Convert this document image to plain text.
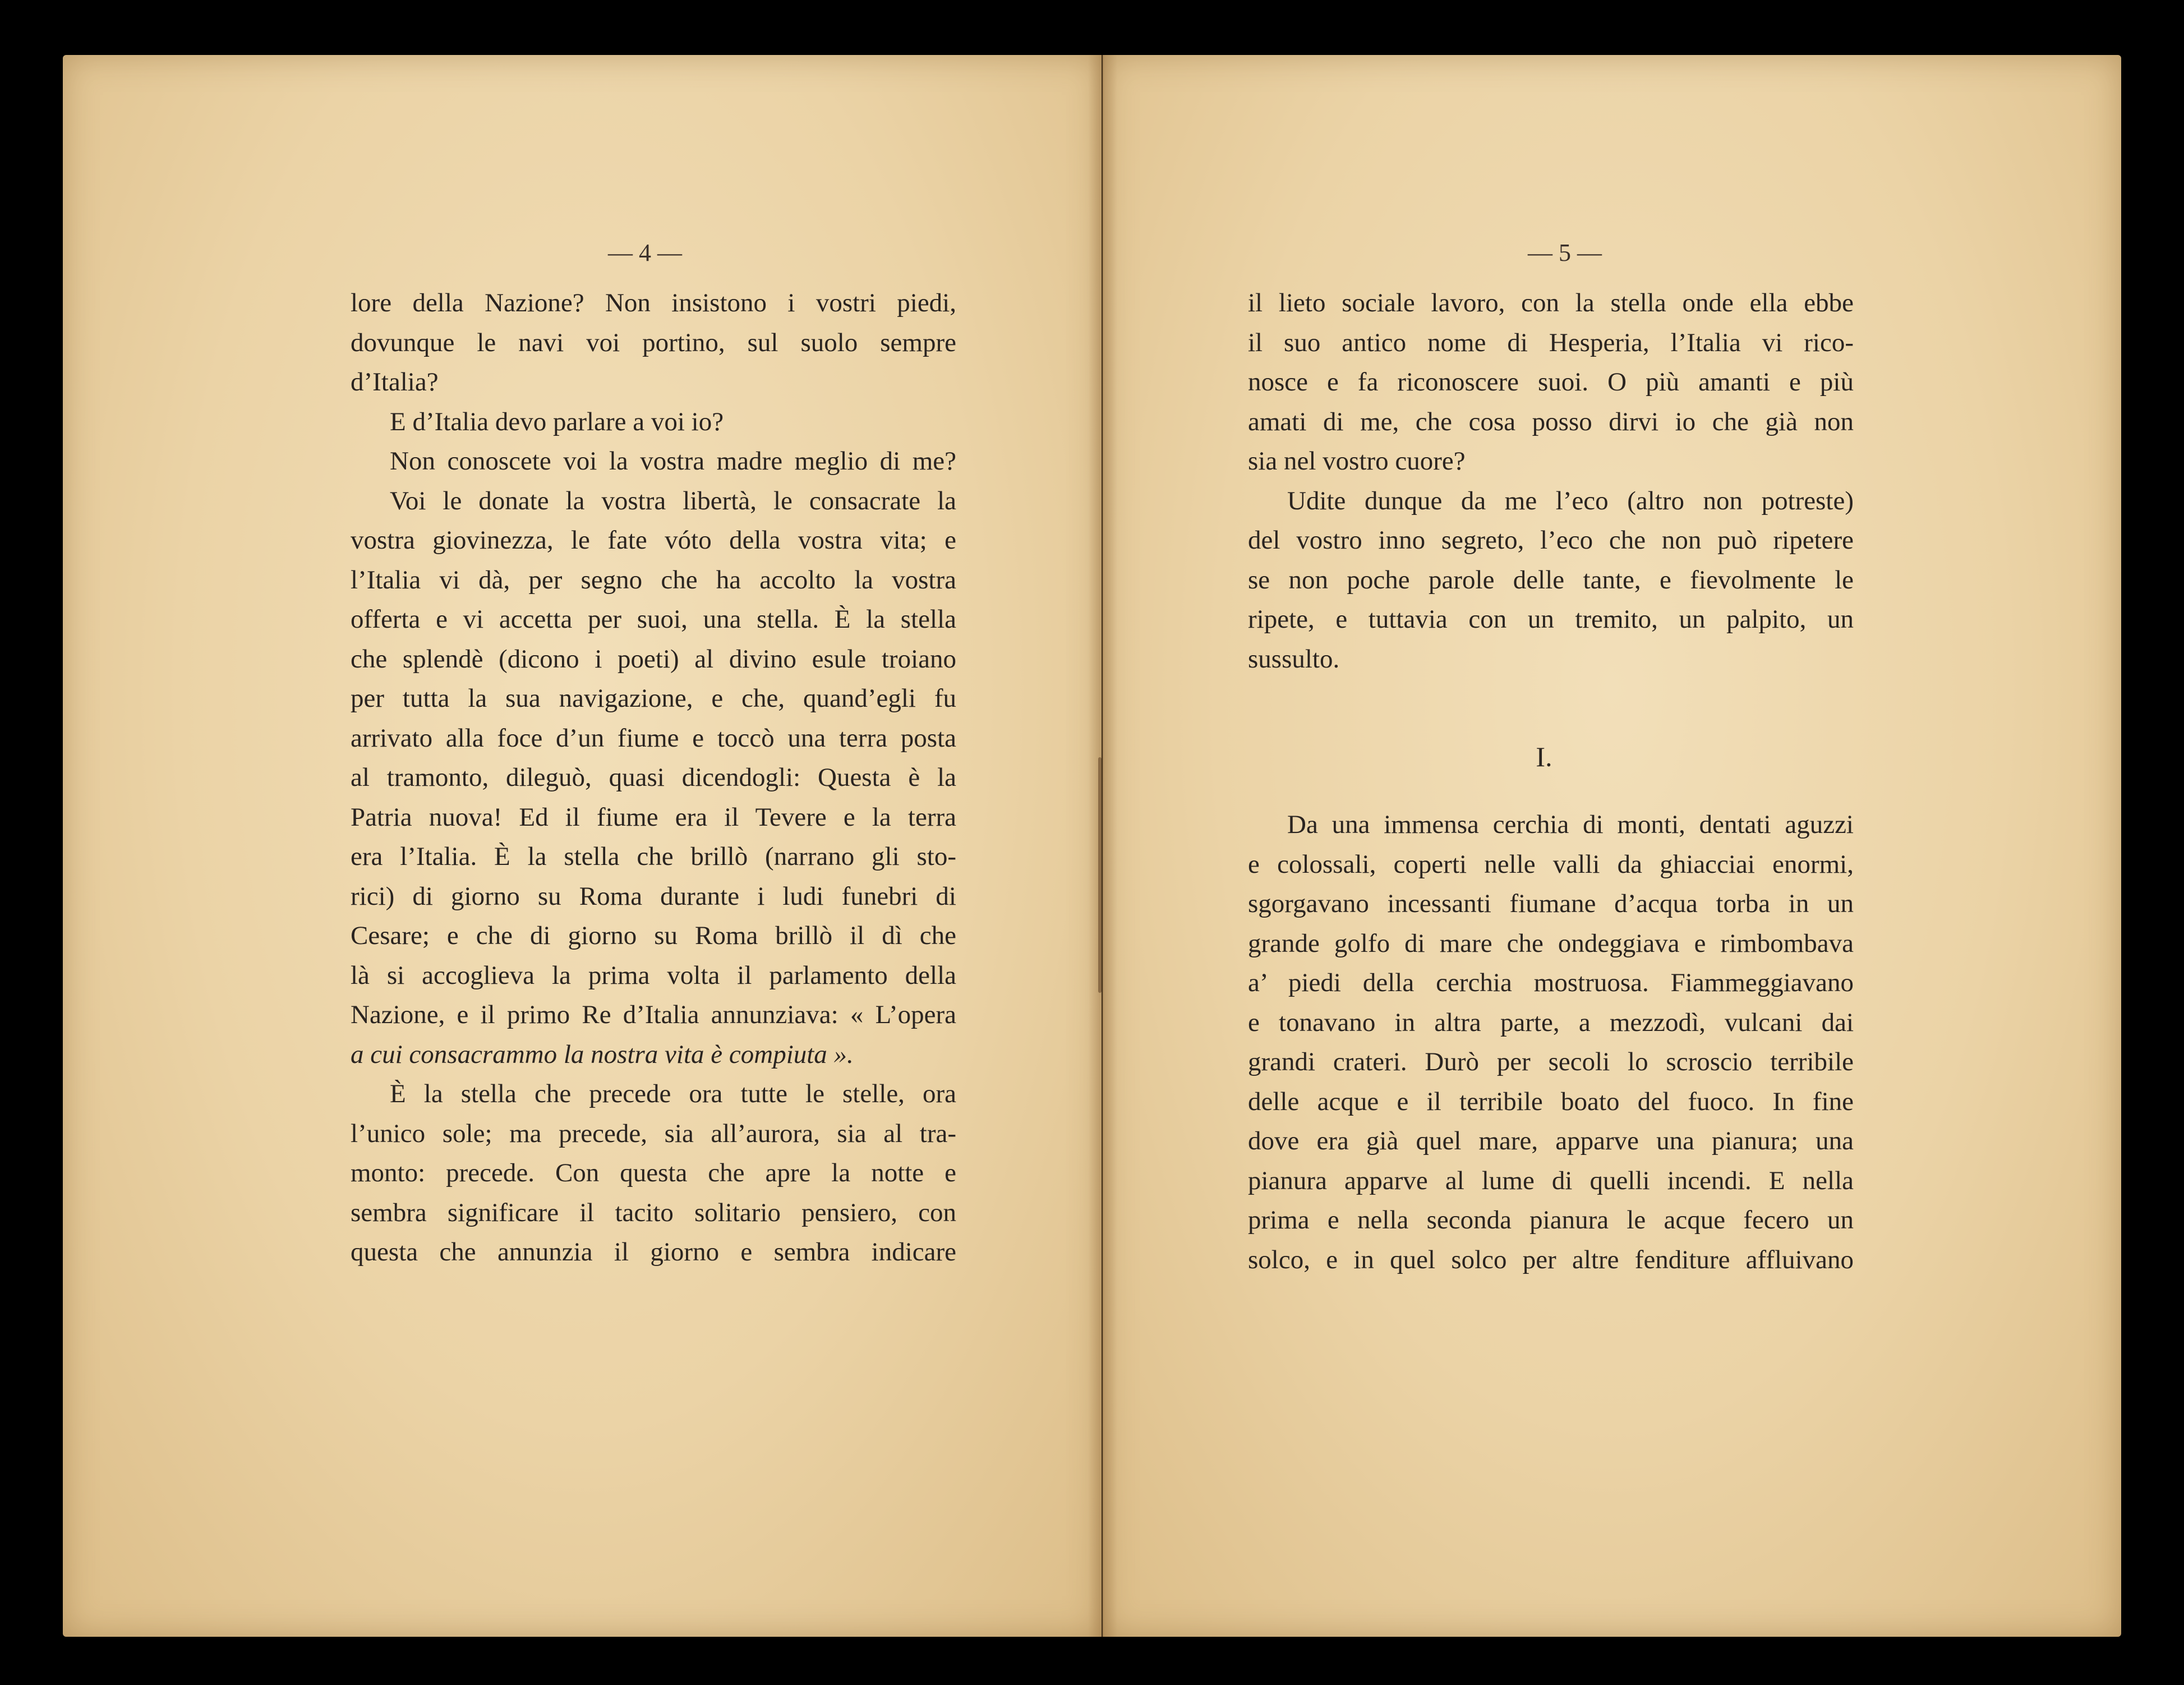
— 4 —	— 5 —
lore della Nazione? Non insistono i vostri piedi,
dovunque le navi voi portino, sul suolo sempre
d’Italia?
E d’Italia devo parlare a voi io?
Non conoscete voi la vostra madre meglio di me?
Voi le donate la vostra libertà, le consacrate la
vostra giovinezza, le fate vóto della vostra vita; e
l’Italia vi dà, per segno che ha accolto la vostra
offerta e vi accetta per suoi, una stella. È la stella
che splendè (dicono i poeti) al divino esule troiano
per tutta la sua navigazione, e che, quand’egli fu
arrivato alla foce d’un fiume e toccò una terra posta
al tramonto, dileguò, quasi dicendogli: Questa è la
Patria nuova! Ed il fiume era il Tevere e la terra
era l’Italia. È la stella che brillò (narrano gli sto-
rici) di giorno su Roma durante i ludi funebri di
Cesare; e che di giorno su Roma brillò il dì che
là si accoglieva la prima volta il parlamento della
Nazione, e il primo Re d’Italia annunziava: « L’opera
a cui consacrammo la nostra vita è compiuta ».
È la stella che precede ora tutte le stelle, ora
l’unico sole; ma precede, sia all’aurora, sia al tra-
monto: precede. Con questa che apre la notte e
sembra significare il tacito solitario pensiero, con
questa che annunzia il giorno e sembra indicare
il lieto sociale lavoro, con la stella onde ella ebbe
il suo antico nome di Hesperia, l’Italia vi rico-
nosce e fa riconoscere suoi. O più amanti e più
amati di me, che cosa posso dirvi io che già non
sia nel vostro cuore?
Udite dunque da me l’eco (altro non potreste)
del vostro inno segreto, l’eco che non può ripetere
se non poche parole delle tante, e fievolmente le
ripete, e tuttavia con un tremito, un palpito, un
sussulto.
I.
Da una immensa cerchia di monti, dentati aguzzi
e colossali, coperti nelle valli da ghiacciai enormi,
sgorgavano incessanti fiumane d’acqua torba in un
grande golfo di mare che ondeggiava e rimbombava
a’ piedi della cerchia mostruosa. Fiammeggiavano
e tonavano in altra parte, a mezzodì, vulcani dai
grandi crateri. Durò per secoli lo scroscio terribile
delle acque e il terribile boato del fuoco. In fine
dove era già quel mare, apparve una pianura; una
pianura apparve al lume di quelli incendi. E nella
prima e nella seconda pianura le acque fecero un
solco, e in quel solco per altre fenditure affluivano
